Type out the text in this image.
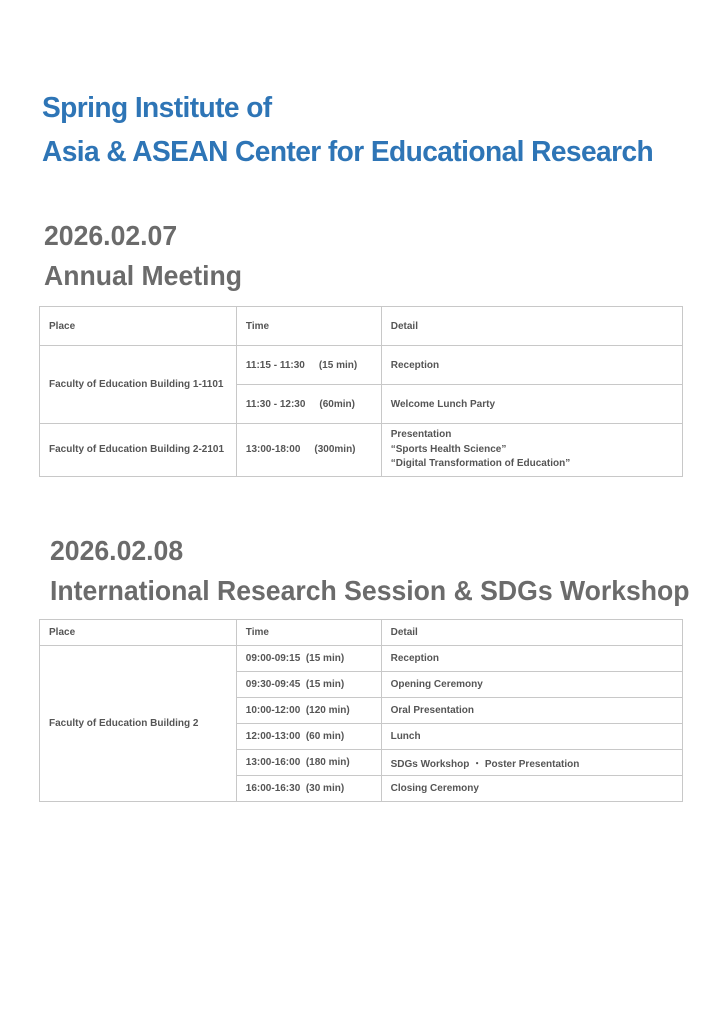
Spring Institute of
Asia & ASEAN Center for Educational Research
2026.02.07
Annual Meeting
Place	Time	Detail
Faculty of Education Building 1-1101	11:15 - 11:30 (15 min)	Reception
	11:30 - 12:30 (60min)	Welcome Lunch Party
Faculty of Education Building 2-2101	13:00-18:00 (300min)	Presentation
“Sports Health Science”
“Digital Transformation of Education”
2026.02.08
International Research Session & SDGs Workshop
Place	Time	Detail
Faculty of Education Building 2	09:00-09:15  (15 min)	Reception
	09:30-09:45  (15 min)	Opening Ceremony
	10:00-12:00  (120 min)	Oral Presentation
	12:00-13:00  (60 min)	Lunch
	13:00-16:00  (180 min)	SDGs Workshop ・ Poster Presentation
	16:00-16:30  (30 min)	Closing Ceremony
